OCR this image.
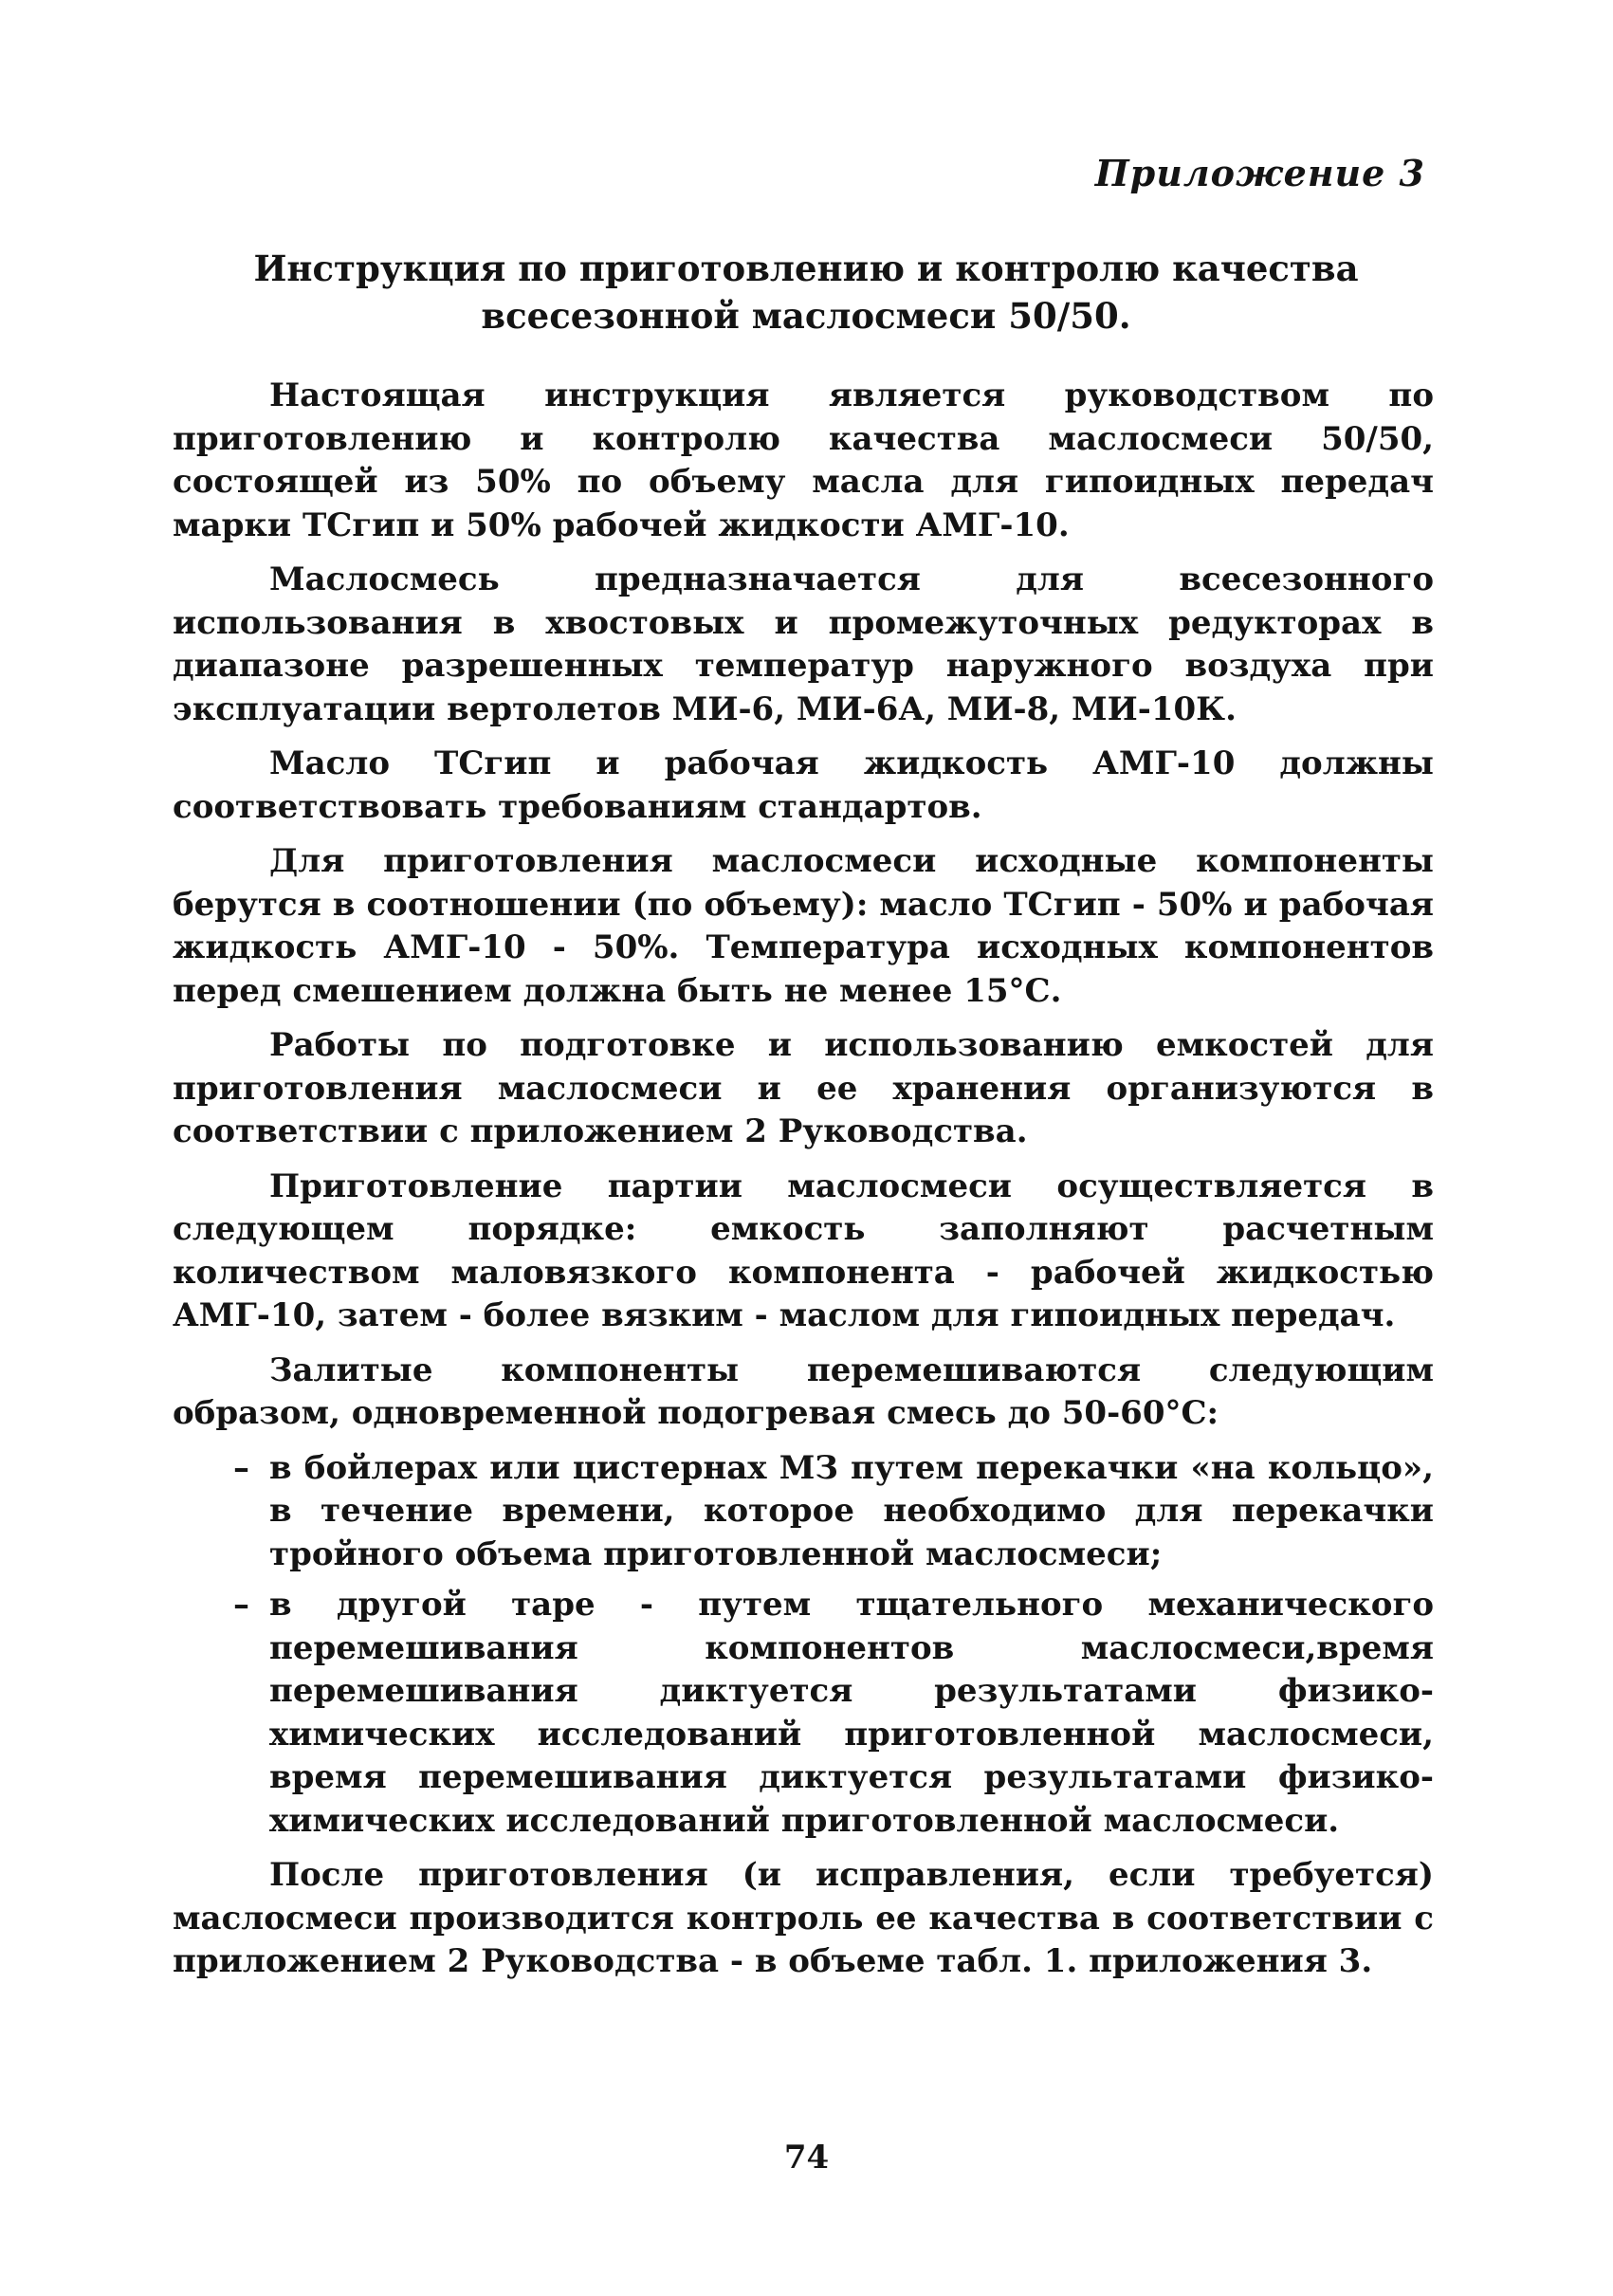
Приложение 3
Инструкция по приготовлению и контролю качества всесезонной маслосмеси 50/50.

Настоящая инструкция является руководством по приготовлению и контролю качества маслосмеси 50/50, состоящей из 50% по объему масла для гипоидных передач марки ТСгип и 50% рабочей жидкости АМГ-10.

Маслосмесь предназначается для всесезонного использования в хвостовых и промежуточных редукторах в диапазоне разрешенных температур наружного воздуха при эксплуатации вертолетов МИ-6, МИ-6А, МИ-8, МИ-10К.

Масло ТСгип и рабочая жидкость АМГ-10 должны соответствовать требованиям стандартов.

Для приготовления маслосмеси исходные компоненты берутся в соотношении (по объему): масло ТСгип - 50% и рабочая жидкость АМГ-10 - 50%. Температура исходных компонентов перед смешением должна быть не менее 15°С.

Работы по подготовке и использованию емкостей для приготовления маслосмеси и ее хранения организуются в соответствии с приложением 2 Руководства.

Приготовление партии маслосмеси осуществляется в следующем порядке: емкость заполняют расчетным количеством маловязкого компонента - рабочей жидкостью АМГ-10, затем - более вязким - маслом для гипоидных передач.

Залитые компоненты перемешиваются следующим образом, одновременной подогревая смесь до 50-60°С:

– в бойлерах или цистернах МЗ путем перекачки «на кольцо», в течение времени, которое необходимо для перекачки тройного объема приготовленной маслосмеси;
– в другой таре - путем тщательного механического перемешивания компонентов маслосмеси,время перемешивания диктуется результатами физико-химических исследований приготовленной маслосмеси, время перемешивания диктуется результатами физико-химических исследований приготовленной маслосмеси.

После приготовления (и исправления, если требуется) маслосмеси производится контроль ее качества в соответствии с приложением 2 Руководства - в объеме табл. 1. приложения 3.

74
